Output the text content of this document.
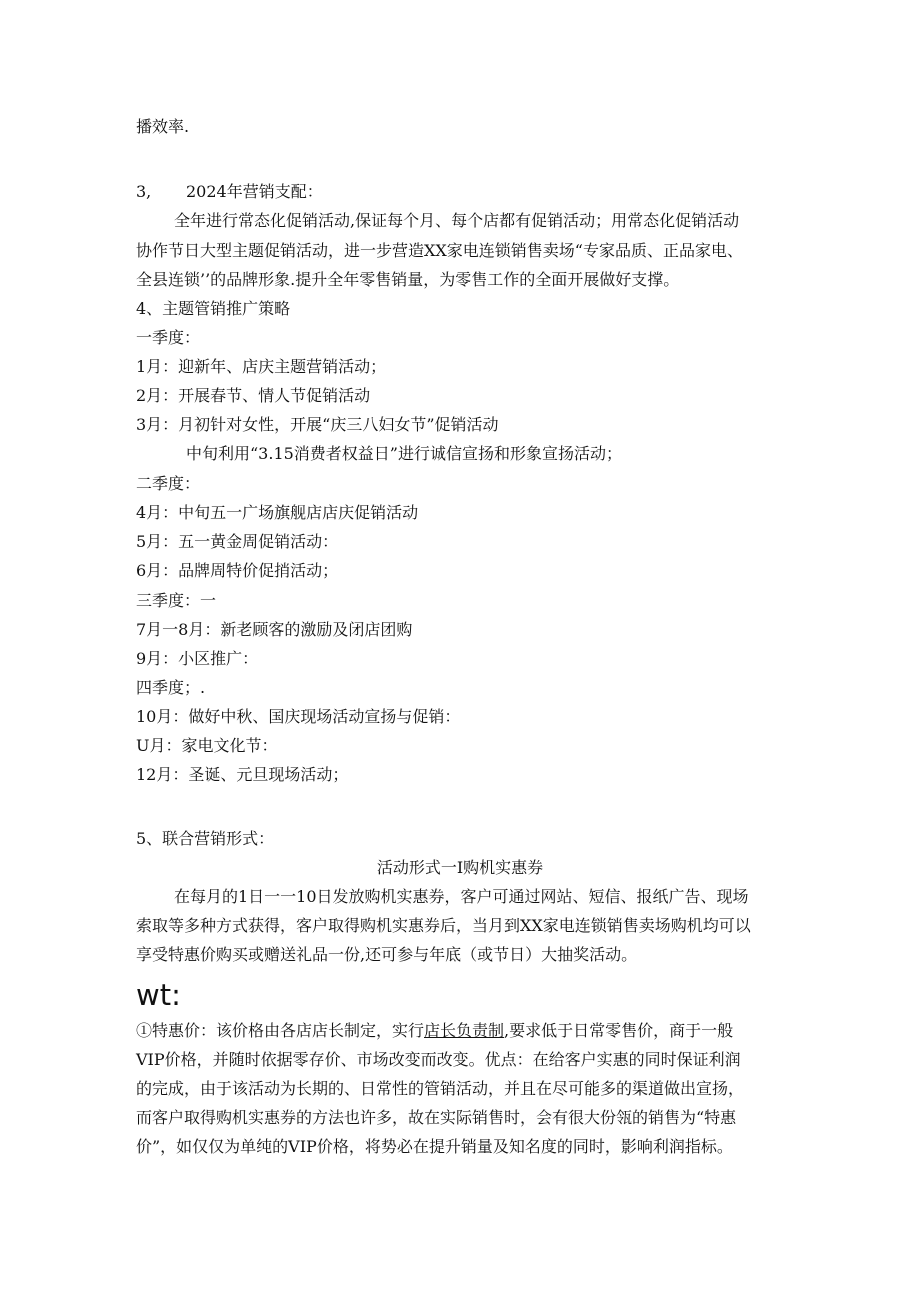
播效率.
3, 2024年营销支配：
全年进行常态化促销活动,保证每个月、每个店都有促销活动；用常态化促销活动
协作节日大型主题促销活动，进一步营造XX家电连锁销售卖场“专家品质、正品家电、
全县连锁’’的品牌形象.提升全年零售销量，为零售工作的全面开展做好支撑。
4、主题管销推广策略
一季度：
1月：迎新年、店庆主题营销活动；
2月：开展春节、情人节促销活动
3月：月初针对女性，开展“庆三八妇女节”促销活动
中旬利用“3.15消费者权益日”进行诚信宣扬和形象宣扬活动；
二季度：
4月：中旬五一广场旗舰店店庆促销活动
5月：五一黄金周促销活动：
6月：品牌周特价促捎活动；
三季度：一
7月一8月：新老顾客的激励及闭店团购
9月：小区推广：
四季度；.
10月：做好中秋、国庆现场活动宣扬与促销：
U月：家电文化节：
12月：圣诞、元旦现场活动；
5、联合营销形式：
活动形式一I购机实惠券
在每月的1日一一10日发放购机实惠券，客户可通过网站、短信、报纸广告、现场
索取等多种方式获得，客户取得购机实惠券后，当月到XX家电连锁销售卖场购机均可以
享受特惠价购买或赠送礼品一份,还可参与年底（或节日）大抽奖活动。
wt:
①特惠价：该价格由各店店长制定，实行店长负责制,要求低于日常零售价，商于一般
VIP价格，并随时依据零存价、市场改变而改变。优点：在给客户实惠的同时保证利润
的完成，由于该活动为长期的、日常性的管销活动，并且在尽可能多的渠道做出宣扬，
而客户取得购机实惠券的方法也许多，故在实际销售时，会有很大份瓴的销售为“特惠
价”，如仅仅为单纯的VIP价格，将势必在提升销量及知名度的同时，影响利润指标。
